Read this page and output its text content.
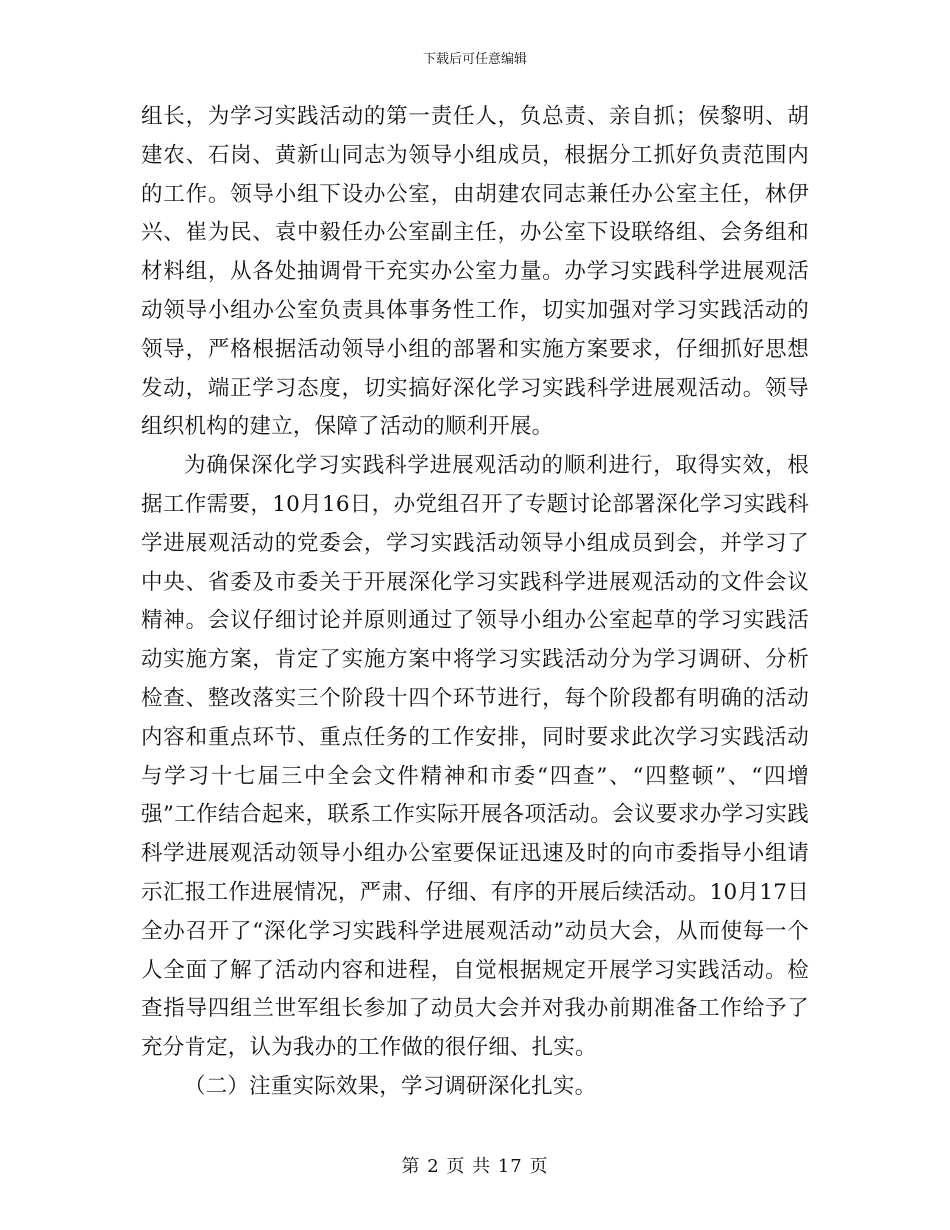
下载后可任意编辑

组长，为学习实践活动的第一责任人，负总责、亲自抓；侯黎明、胡建农、石岗、黄新山同志为领导小组成员，根据分工抓好负责范围内的工作。领导小组下设办公室，由胡建农同志兼任办公室主任，林伊兴、崔为民、袁中毅任办公室副主任，办公室下设联络组、会务组和材料组，从各处抽调骨干充实办公室力量。办学习实践科学进展观活动领导小组办公室负责具体事务性工作，切实加强对学习实践活动的领导，严格根据活动领导小组的部署和实施方案要求，仔细抓好思想发动，端正学习态度，切实搞好深化学习实践科学进展观活动。领导组织机构的建立，保障了活动的顺利开展。

为确保深化学习实践科学进展观活动的顺利进行，取得实效，根据工作需要，10月16日，办党组召开了专题讨论部署深化学习实践科学进展观活动的党委会，学习实践活动领导小组成员到会，并学习了中央、省委及市委关于开展深化学习实践科学进展观活动的文件会议精神。会议仔细讨论并原则通过了领导小组办公室起草的学习实践活动实施方案，肯定了实施方案中将学习实践活动分为学习调研、分析检查、整改落实三个阶段十四个环节进行，每个阶段都有明确的活动内容和重点环节、重点任务的工作安排，同时要求此次学习实践活动与学习十七届三中全会文件精神和市委“四查”、“四整顿”、“四增强”工作结合起来，联系工作实际开展各项活动。会议要求办学习实践科学进展观活动领导小组办公室要保证迅速及时的向市委指导小组请示汇报工作进展情况，严肃、仔细、有序的开展后续活动。10月17日全办召开了“深化学习实践科学进展观活动”动员大会，从而使每一个人全面了解了活动内容和进程，自觉根据规定开展学习实践活动。检查指导四组兰世军组长参加了动员大会并对我办前期准备工作给予了充分肯定，认为我办的工作做的很仔细、扎实。

（二）注重实际效果，学习调研深化扎实。

第 2 页 共 17 页
